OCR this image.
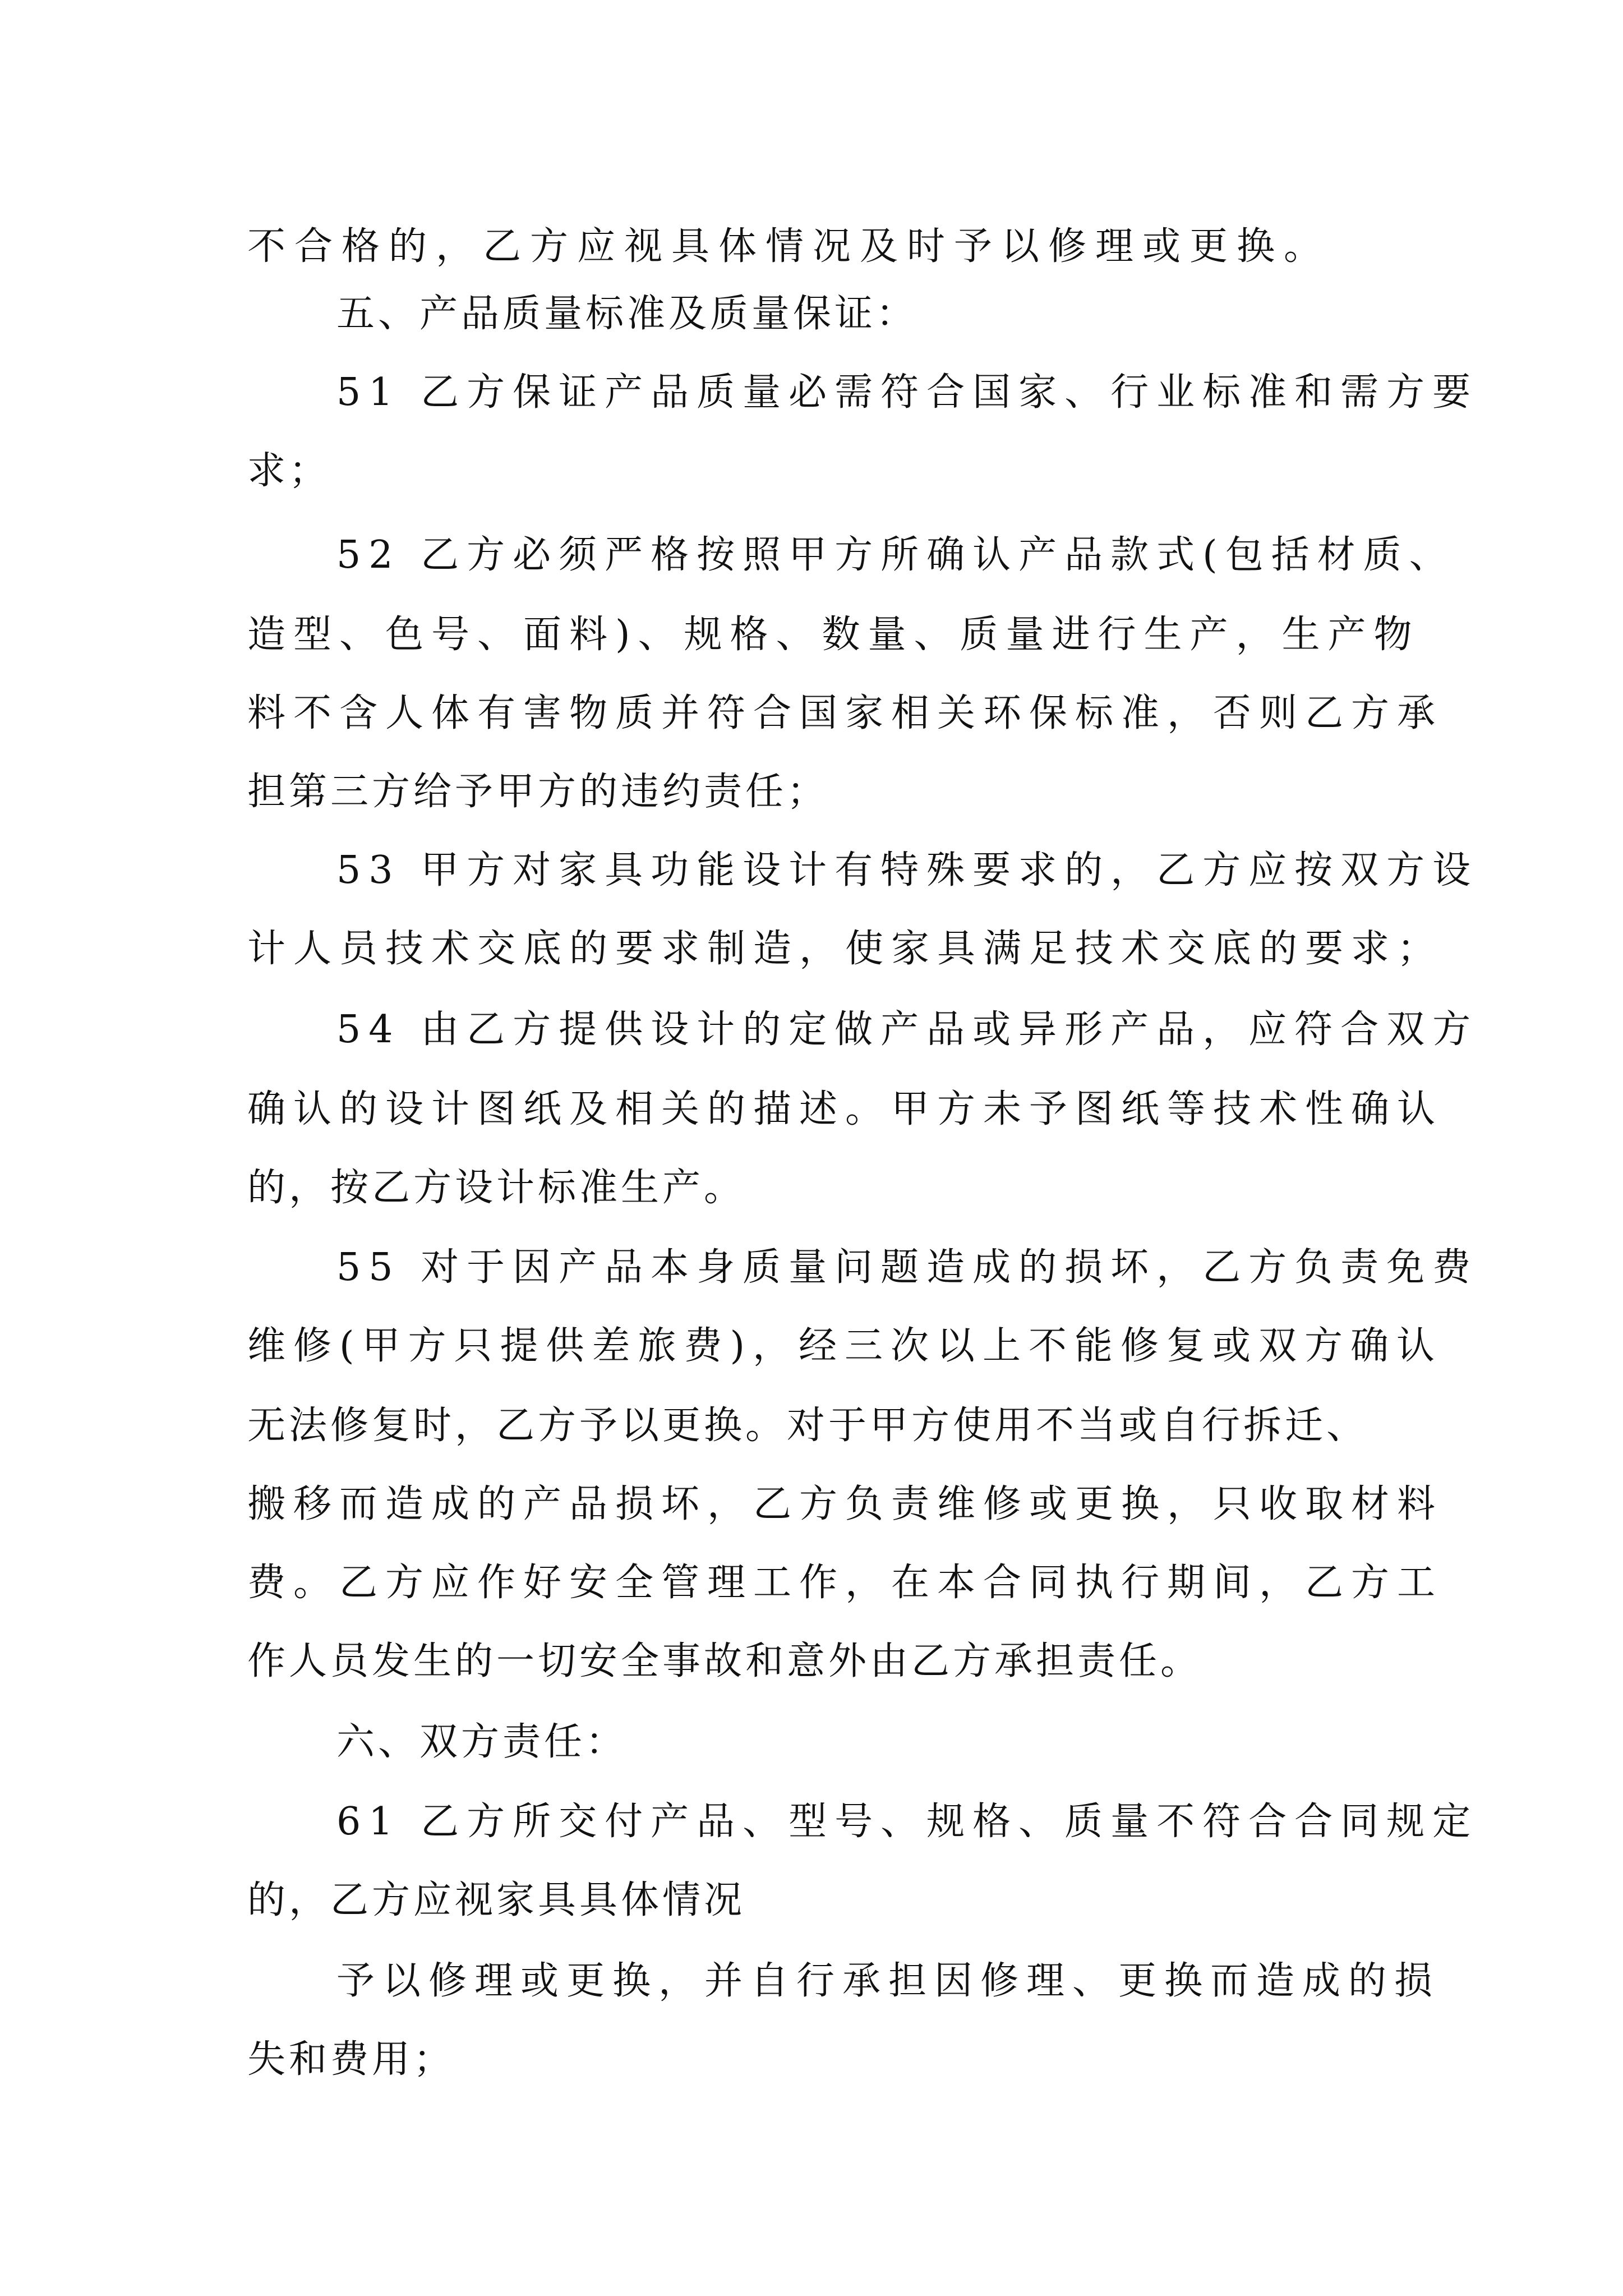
不合格的，乙方应视具体情况及时予以修理或更换。
五、产品质量标准及质量保证：
51 乙方保证产品质量必需符合国家、行业标准和需方要
求；
52 乙方必须严格按照甲方所确认产品款式(包括材质、
造型、色号、面料)、规格、数量、质量进行生产，生产物
料不含人体有害物质并符合国家相关环保标准，否则乙方承
担第三方给予甲方的违约责任；
53 甲方对家具功能设计有特殊要求的，乙方应按双方设
计人员技术交底的要求制造，使家具满足技术交底的要求；
54 由乙方提供设计的定做产品或异形产品，应符合双方
确认的设计图纸及相关的描述。甲方未予图纸等技术性确认
的，按乙方设计标准生产。
55 对于因产品本身质量问题造成的损坏，乙方负责免费
维修(甲方只提供差旅费)，经三次以上不能修复或双方确认
无法修复时，乙方予以更换。对于甲方使用不当或自行拆迁、
搬移而造成的产品损坏，乙方负责维修或更换，只收取材料
费。乙方应作好安全管理工作，在本合同执行期间，乙方工
作人员发生的一切安全事故和意外由乙方承担责任。
六、双方责任：
61 乙方所交付产品、型号、规格、质量不符合合同规定
的，乙方应视家具具体情况
予以修理或更换，并自行承担因修理、更换而造成的损
失和费用；
